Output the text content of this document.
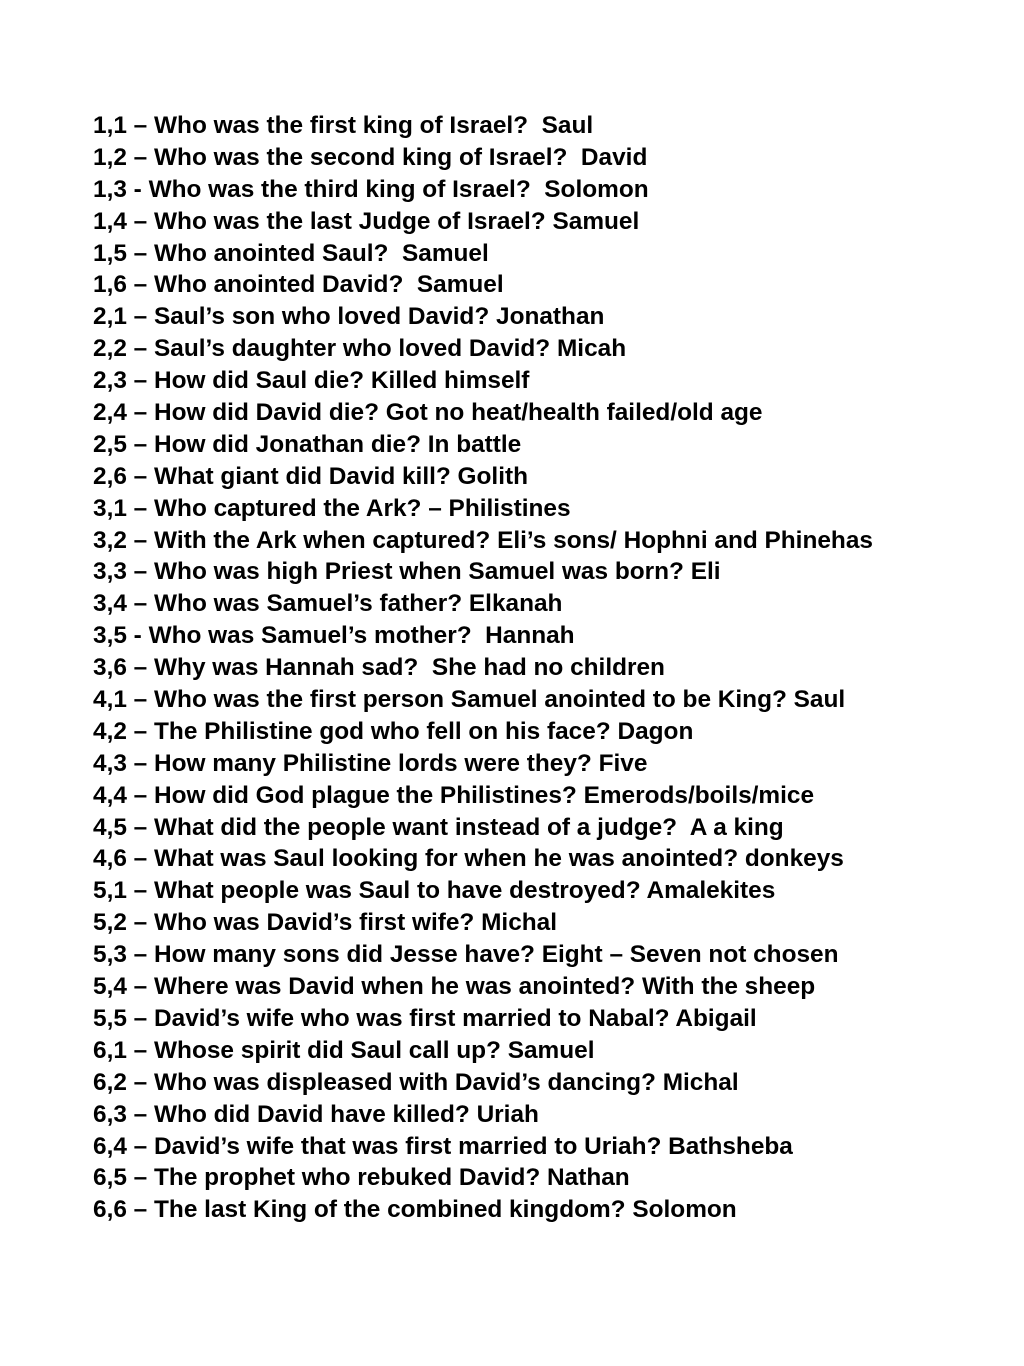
1,1 – Who was the first king of Israel?  Saul
1,2 – Who was the second king of Israel?  David
1,3 - Who was the third king of Israel?  Solomon
1,4 – Who was the last Judge of Israel? Samuel
1,5 – Who anointed Saul?  Samuel
1,6 – Who anointed David?  Samuel
2,1 – Saul’s son who loved David? Jonathan
2,2 – Saul’s daughter who loved David? Micah
2,3 – How did Saul die? Killed himself
2,4 – How did David die? Got no heat/health failed/old age
2,5 – How did Jonathan die? In battle
2,6 – What giant did David kill? Golith
3,1 – Who captured the Ark? – Philistines
3,2 – With the Ark when captured? Eli’s sons/ Hophni and Phinehas
3,3 – Who was high Priest when Samuel was born? Eli
3,4 – Who was Samuel’s father? Elkanah
3,5 - Who was Samuel’s mother?  Hannah
3,6 – Why was Hannah sad?  She had no children
4,1 – Who was the first person Samuel anointed to be King? Saul
4,2 – The Philistine god who fell on his face? Dagon
4,3 – How many Philistine lords were they? Five
4,4 – How did God plague the Philistines? Emerods/boils/mice
4,5 – What did the people want instead of a judge?  A a king
4,6 – What was Saul looking for when he was anointed? donkeys
5,1 – What people was Saul to have destroyed? Amalekites
5,2 – Who was David’s first wife? Michal
5,3 – How many sons did Jesse have? Eight – Seven not chosen
5,4 – Where was David when he was anointed? With the sheep
5,5 – David’s wife who was first married to Nabal? Abigail
6,1 – Whose spirit did Saul call up? Samuel
6,2 – Who was displeased with David’s dancing? Michal
6,3 – Who did David have killed? Uriah
6,4 – David’s wife that was first married to Uriah? Bathsheba
6,5 – The prophet who rebuked David? Nathan
6,6 – The last King of the combined kingdom? Solomon
